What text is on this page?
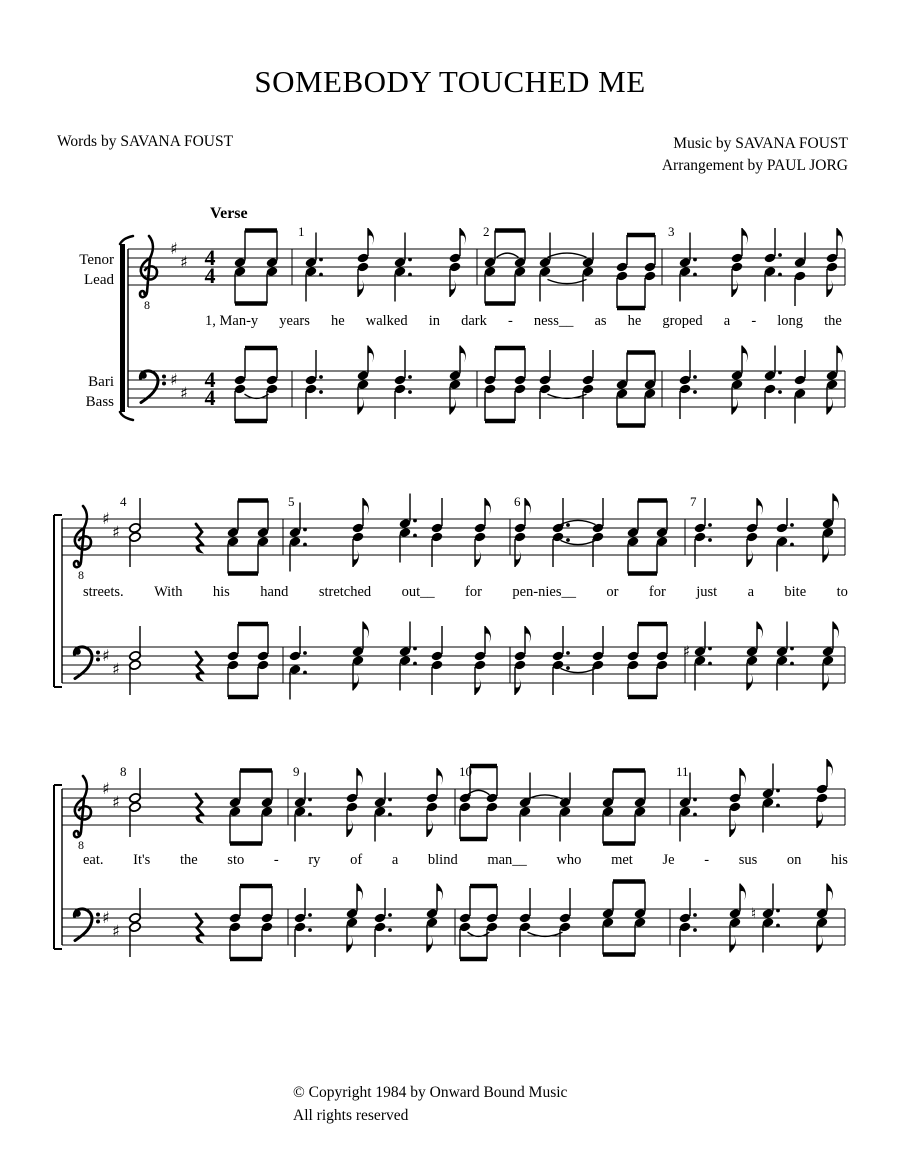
SOMEBODY TOUCHED ME
Words by SAVANA FOUST	Music by SAVANA FOUST
Arrangement by PAUL JORG
Verse
Tenor
Lead
Bari
Bass
8
♯
♯
♯
♯
4
4
4
4
1	2	3
8
♯
♯
♯
♯
4	5	6	7
♯
8
♯
♯
♯
♯
8	9	10	11
♮
1, Man-y years he walked in dark - ness__ as he groped a - long the
streets. With his hand stretched out__ for pen-nies__ or for just a bite to
eat. It's the sto - ry of a blind man__ who met Je - sus on his
© Copyright 1984 by Onward Bound Music
All rights reserved
